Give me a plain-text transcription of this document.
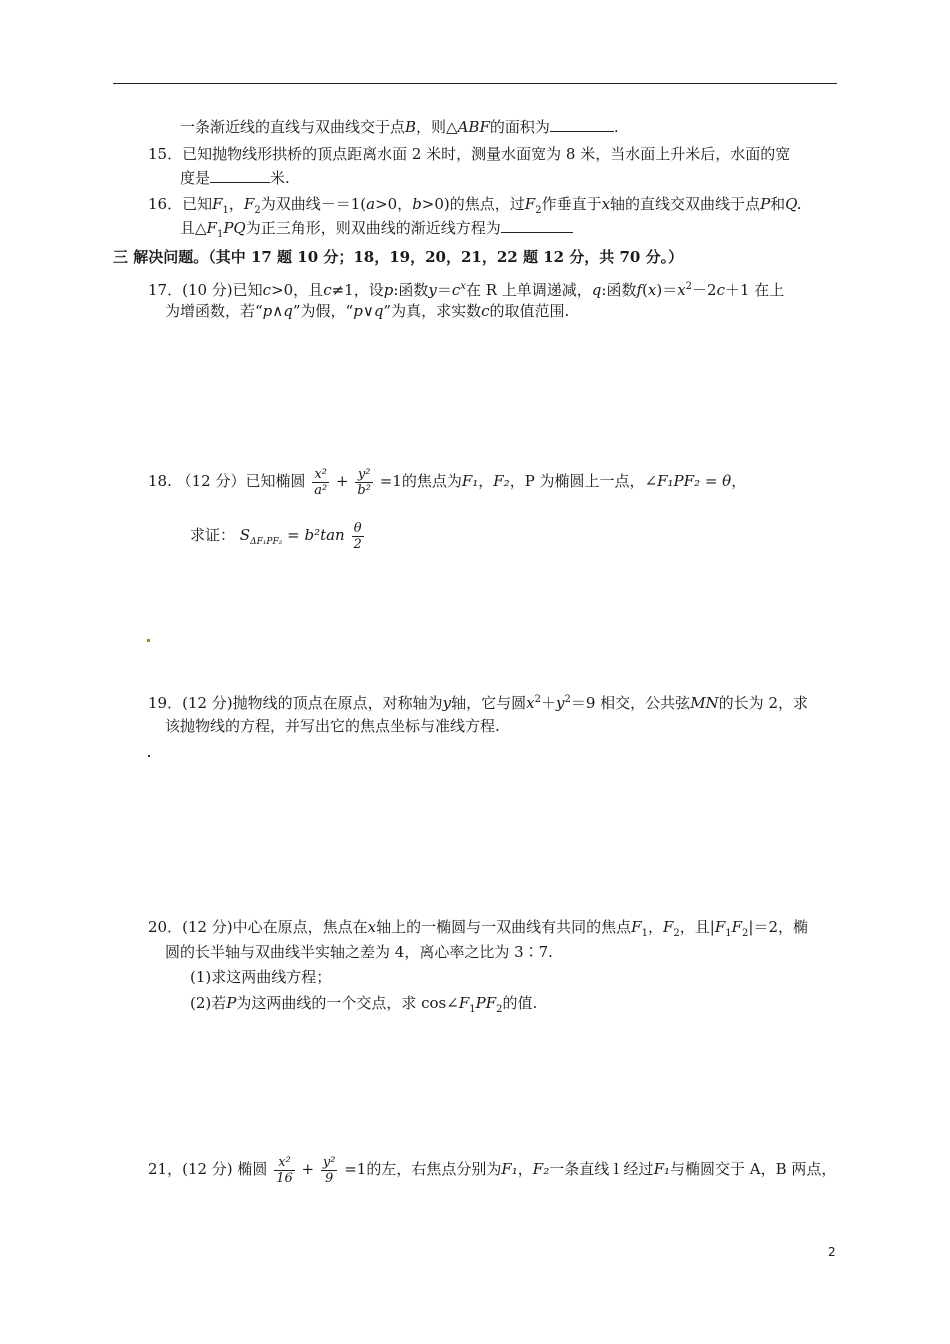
一条渐近线的直线与双曲线交于点B，则△ABF的面积为	.
15．已知抛物线形拱桥的顶点距离水面 2 米时，测量水面宽为 8 米，当水面上升米后，水面的宽
度是	米.
16．已知$F_1$，$F_2$为双曲线－＝1(a>0，b>0)的焦点，过$F_2$作垂直于x轴的直线交双曲线于点P和Q.
且$\triangle F_1PQ$为正三角形，则双曲线的渐近线方程为
三 解决问题。（其中 17 题 10 分；18，19，20，21，22 题 12 分，共 70 分。）
17．(10 分)已知c>0，且c≠1，设p:函数$y=c^x$在 R 上单调递减，q:函数$f(x)=x^2-2c+1$ 在上
为增函数，若“p∧q”为假，“p∨q”为真，求实数c的取值范围.
18. （12 分）已知椭圆 $\frac{\text{x²}}{\text{a²}} + \frac{\text{y²}}{\text{b²}} =1$的焦点为F₁，F₂，P 为椭圆上一点，∠F₁PF₂ = θ，
求证： $S_{\Delta F_1PF_2} = b^2\tan \frac{\theta}{2}$
19．(12 分)抛物线的顶点在原点，对称轴为y轴，它与圆$x^2+y^2=9$ 相交，公共弦MN的长为 2，求
该抛物线的方程，并写出它的焦点坐标与准线方程.
20．(12 分)中心在原点，焦点在x轴上的一椭圆与一双曲线有共同的焦点$F_1$，$F_2$，且$|F_1F_2|=2$，椭
圆的长半轴与双曲线半实轴之差为 4，离心率之比为 3∶7.
(1)求这两曲线方程；
(2)若P为这两曲线的一个交点，求 $\cos\angle F_1PF_2$的值.
21，(12 分) 椭圆 $\frac{\text{x²}}{16} + \frac{\text{y²}}{9} =1$的左，右焦点分别为F₁，F₂一条直线 l 经过F₁与椭圆交于 A，B 两点，
2
